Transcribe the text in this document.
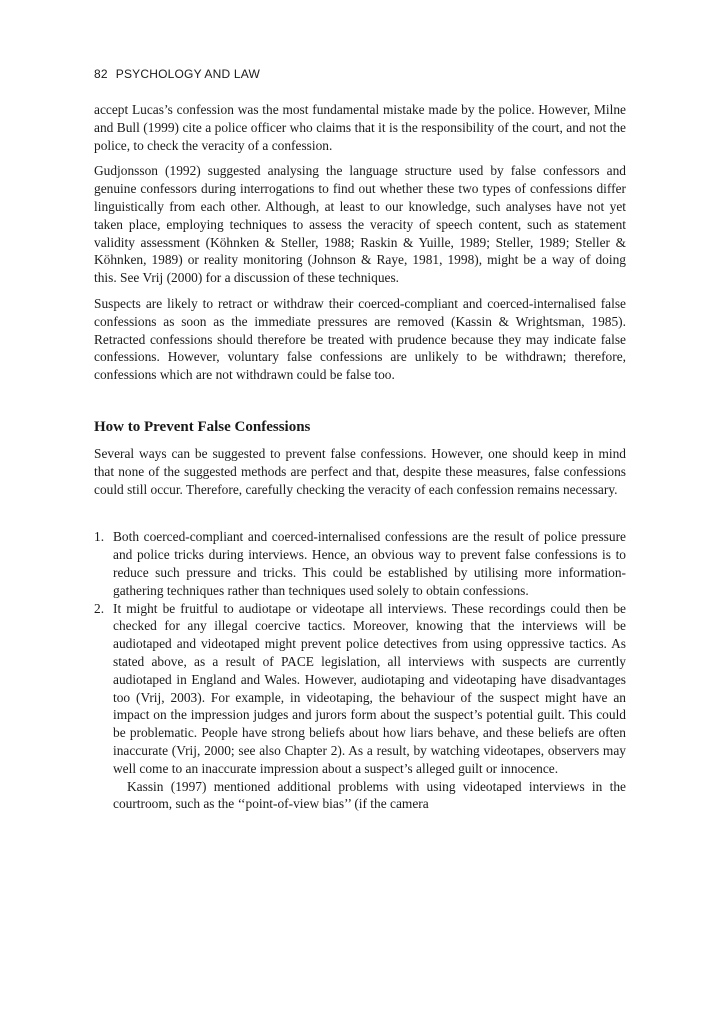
82 PSYCHOLOGY AND LAW

accept Lucas’s confession was the most fundamental mistake made by the police. However, Milne and Bull (1999) cite a police officer who claims that it is the responsibility of the court, and not the police, to check the veracity of a confession.

Gudjonsson (1992) suggested analysing the language structure used by false confessors and genuine confessors during interrogations to find out whether these two types of confessions differ linguistically from each other. Although, at least to our knowledge, such analyses have not yet taken place, employing techniques to assess the veracity of speech content, such as statement validity assessment (Köhnken & Steller, 1988; Raskin & Yuille, 1989; Steller, 1989; Steller & Köhnken, 1989) or reality monitoring (Johnson & Raye, 1981, 1998), might be a way of doing this. See Vrij (2000) for a discussion of these techniques.

Suspects are likely to retract or withdraw their coerced-compliant and coerced-internalised false confessions as soon as the immediate pressures are removed (Kassin & Wrightsman, 1985). Retracted confessions should therefore be treated with prudence because they may indicate false confessions. However, voluntary false confessions are unlikely to be withdrawn; therefore, confessions which are not withdrawn could be false too.

How to Prevent False Confessions

Several ways can be suggested to prevent false confessions. However, one should keep in mind that none of the suggested methods are perfect and that, despite these measures, false confessions could still occur. Therefore, carefully checking the veracity of each confession remains necessary.

1. Both coerced-compliant and coerced-internalised confessions are the result of police pressure and police tricks during interviews. Hence, an obvious way to prevent false confessions is to reduce such pressure and tricks. This could be established by utilising more information-gathering techniques rather than techniques used solely to obtain confessions.
2. It might be fruitful to audiotape or videotape all interviews. These recordings could then be checked for any illegal coercive tactics. Moreover, knowing that the interviews will be audiotaped and videotaped might prevent police detectives from using oppressive tactics. As stated above, as a result of PACE legislation, all interviews with suspects are currently audiotaped in England and Wales. However, audiotaping and videotaping have disadvantages too (Vrij, 2003). For example, in videotaping, the behaviour of the suspect might have an impact on the impression judges and jurors form about the suspect’s potential guilt. This could be problematic. People have strong beliefs about how liars behave, and these beliefs are often inaccurate (Vrij, 2000; see also Chapter 2). As a result, by watching videotapes, observers may well come to an inaccurate impression about a suspect’s alleged guilt or innocence.
Kassin (1997) mentioned additional problems with using videotaped interviews in the courtroom, such as the ‘‘point-of-view bias’’ (if the camera
